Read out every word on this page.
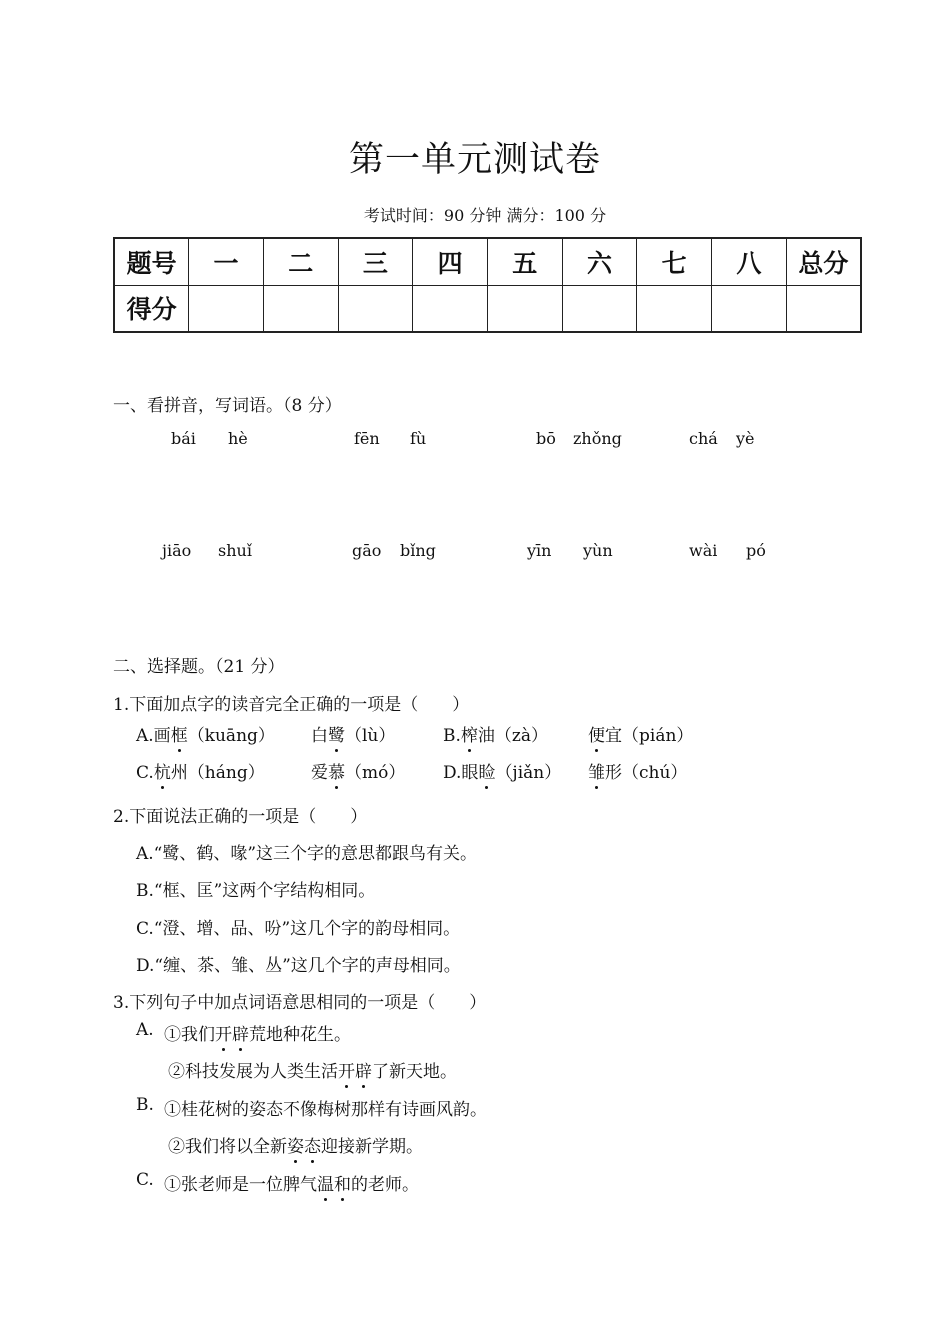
第一单元测试卷
考试时间：90 分钟 满分：100 分
题号	一	二	三	四	五	六	七	八	总分
得分									
一、看拼音，写词语。（8 分）
bái hè	fēn fù	bō zhǒng	chá yè
jiāo shuǐ	gāo bǐng	yīn yùn	wài pó
二、选择题。（21 分）
1.下面加点字的读音完全正确的一项是（　　）
A.画框（kuāng） 白鹭（lù）	B.榨油（zà） 便宜（pián）
C.杭州（háng）	爱慕（mó） D.眼睑（jiǎn） 雏形（chú）
2.下面说法正确的一项是（　　）
A.“鹭、鹤、喙”这三个字的意思都跟鸟有关。
B.“框、匡”这两个字结构相同。
C.“澄、增、品、吩”这几个字的韵母相同。
D.“缠、茶、雏、丛”这几个字的声母相同。
3.下列句子中加点词语意思相同的一项是（　　）
A. ①我们开辟荒地种花生。
②科技发展为人类生活开辟了新天地。
B. ①桂花树的姿态不像梅树那样有诗画风韵。
②我们将以全新姿态迎接新学期。
C. ①张老师是一位脾气温和的老师。
